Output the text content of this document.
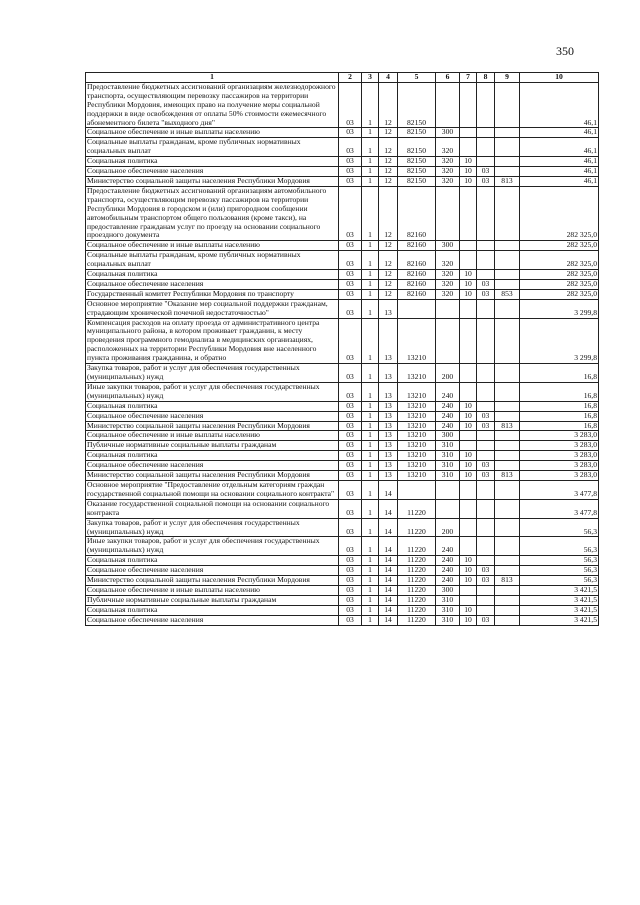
350
1	2	3	4	5	6	7	8	9	10
Предоставление бюджетных ассигнований организациям железнодорожного транспорта, осуществляющим перевозку пассажиров на территории Республики Мордовия, имеющих право на получение меры социальной поддержки в виде освобождения от оплаты 50% стоимости ежемесячного абонементного билета "выходного дня"	03	1	12	82150					46,1
Социальное обеспечение и иные выплаты населению	03	1	12	82150	300				46,1
Социальные выплаты гражданам, кроме публичных нормативных социальных выплат	03	1	12	82150	320				46,1
Социальная политика	03	1	12	82150	320	10			46,1
Социальное обеспечение населения	03	1	12	82150	320	10	03		46,1
Министерство социальной защиты населения Республики Мордовия	03	1	12	82150	320	10	03	813	46,1
Предоставление бюджетных ассигнований организациям автомобильного транспорта, осуществляющим перевозку пассажиров на территории Республики Мордовия в городском и (или) пригородном сообщении автомобильным транспортом общего пользования (кроме такси), на предоставление гражданам услуг по проезду на основании социального проездного документа	03	1	12	82160					282 325,0
Социальное обеспечение и иные выплаты населению	03	1	12	82160	300				282 325,0
Социальные выплаты гражданам, кроме публичных нормативных социальных выплат	03	1	12	82160	320				282 325,0
Социальная политика	03	1	12	82160	320	10			282 325,0
Социальное обеспечение населения	03	1	12	82160	320	10	03		282 325,0
Государственный комитет Республики Мордовия по транспорту	03	1	12	82160	320	10	03	853	282 325,0
Основное мероприятие "Оказание мер социальной поддержки гражданам, страдающим хронической почечной недостаточностью"	03	1	13						3 299,8
Компенсация расходов на оплату проезда от административного центра муниципального района, в котором проживает гражданин, к месту проведения программного гемодиализа в медицинских организациях, расположенных на территории Республики Мордовия вне населенного пункта проживания гражданина, и обратно	03	1	13	13210					3 299,8
Закупка товаров, работ и услуг для обеспечения государственных (муниципальных) нужд	03	1	13	13210	200				16,8
Иные закупки товаров, работ и услуг для обеспечения государственных (муниципальных) нужд	03	1	13	13210	240				16,8
Социальная политика	03	1	13	13210	240	10			16,8
Социальное обеспечение населения	03	1	13	13210	240	10	03		16,8
Министерство социальной защиты населения Республики Мордовия	03	1	13	13210	240	10	03	813	16,8
Социальное обеспечение и иные выплаты населению	03	1	13	13210	300				3 283,0
Публичные нормативные социальные выплаты гражданам	03	1	13	13210	310				3 283,0
Социальная политика	03	1	13	13210	310	10			3 283,0
Социальное обеспечение населения	03	1	13	13210	310	10	03		3 283,0
Министерство социальной защиты населения Республики Мордовия	03	1	13	13210	310	10	03	813	3 283,0
Основное мероприятие "Предоставление отдельным категориям граждан государственной социальной помощи на основании социального контракта"	03	1	14						3 477,8
Оказание государственной социальной помощи на основании социального контракта	03	1	14	11220					3 477,8
Закупка товаров, работ и услуг для обеспечения государственных (муниципальных) нужд	03	1	14	11220	200				56,3
Иные закупки товаров, работ и услуг для обеспечения государственных (муниципальных) нужд	03	1	14	11220	240				56,3
Социальная политика	03	1	14	11220	240	10			56,3
Социальное обеспечение населения	03	1	14	11220	240	10	03		56,3
Министерство социальной защиты населения Республики Мордовия	03	1	14	11220	240	10	03	813	56,3
Социальное обеспечение и иные выплаты населению	03	1	14	11220	300				3 421,5
Публичные нормативные социальные выплаты гражданам	03	1	14	11220	310				3 421,5
Социальная политика	03	1	14	11220	310	10			3 421,5
Социальное обеспечение населения	03	1	14	11220	310	10	03		3 421,5
